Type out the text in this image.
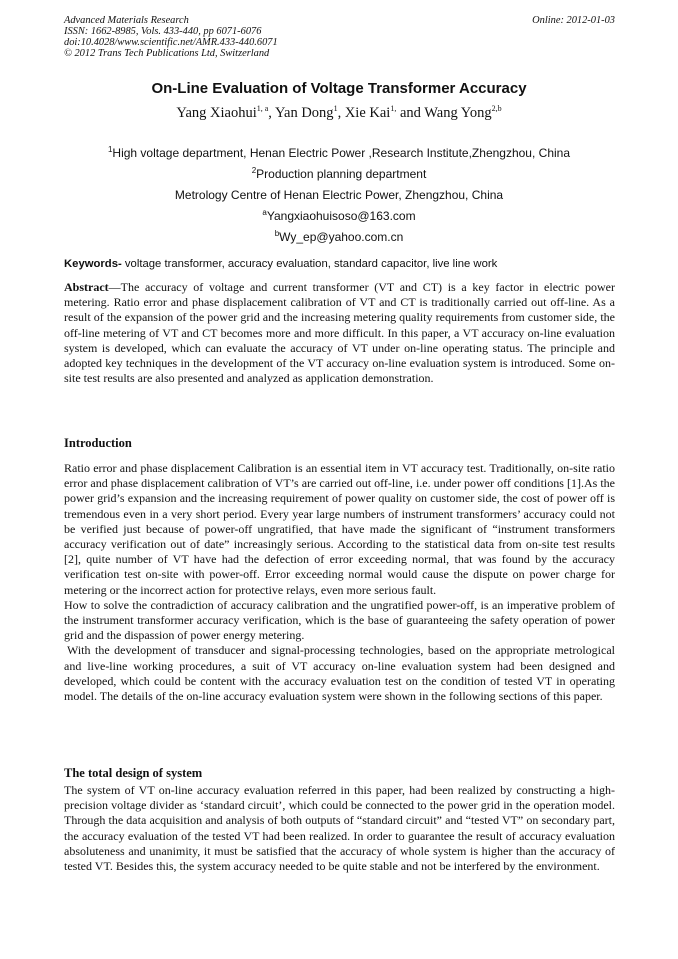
Advanced Materials Research
ISSN: 1662-8985, Vols. 433-440, pp 6071-6076
doi:10.4028/www.scientific.net/AMR.433-440.6071
© 2012 Trans Tech Publications Ltd, Switzerland
Online: 2012-01-03
On-Line Evaluation of Voltage Transformer Accuracy
Yang Xiaohui$^{1, a}$, Yan Dong$^1$, Xie Kai$^{1,}$ and Wang Yong$^{2,b}$
$^1$High voltage department, Henan Electric Power ,Research Institute,Zhengzhou, China
$^2$Production planning department
Metrology Centre of Henan Electric Power, Zhengzhou, China
$^a$Yangxiaohuisoso@163.com
$^b$Wy_ep@yahoo.com.cn
Keywords- voltage transformer, accuracy evaluation, standard capacitor, live line work

Abstract—The accuracy of voltage and current transformer (VT and CT) is a key factor in electric power metering. Ratio error and phase displacement calibration of VT and CT is traditionally carried out off-line. As a result of the expansion of the power grid and the increasing metering quality requirements from customer side, the off-line metering of VT and CT becomes more and more difficult. In this paper, a VT accuracy on-line evaluation system is developed, which can evaluate the accuracy of VT under on-line operating status. The principle and adopted key techniques in the development of the VT accuracy on-line evaluation system is introduced. Some on-site test results are also presented and analyzed as application demonstration.

Introduction

Ratio error and phase displacement Calibration is an essential item in VT accuracy test. Traditionally, on-site ratio error and phase displacement calibration of VT’s are carried out off-line, i.e. under power off conditions [1].As the power grid’s expansion and the increasing requirement of power quality on customer side, the cost of power off is tremendous even in a very short period. Every year large numbers of instrument transformers’ accuracy could not be verified just because of power-off ungratified, that have made the significant of “instrument transformers accuracy verification out of date” increasingly serious. According to the statistical data from on-site test results [2], quite number of VT have had the defection of error exceeding normal, that was found by the accuracy verification test on-site with power-off. Error exceeding normal would cause the dispute on power charge for metering or the incorrect action for protective relays, even more serious fault.

How to solve the contradiction of accuracy calibration and the ungratified power-off, is an imperative problem of the instrument transformer accuracy verification, which is the base of guaranteeing the safety operation of power grid and the dispassion of power energy metering.

With the development of transducer and signal-processing technologies, based on the appropriate metrological and live-line working procedures, a suit of VT accuracy on-line evaluation system had been designed and developed, which could be content with the accuracy evaluation test on the condition of tested VT in operating model. The details of the on-line accuracy evaluation system were shown in the following sections of this paper.

The total design of system

The system of VT on-line accuracy evaluation referred in this paper, had been realized by constructing a high-precision voltage divider as ‘standard circuit’, which could be connected to the power grid in the operation model. Through the data acquisition and analysis of both outputs of “standard circuit” and “tested VT” on secondary part, the accuracy evaluation of the tested VT had been realized. In order to guarantee the result of accuracy evaluation absoluteness and unanimity, it must be satisfied that the accuracy of whole system is higher than the accuracy of tested VT. Besides this, the system accuracy needed to be quite stable and not be interfered by the environment.
